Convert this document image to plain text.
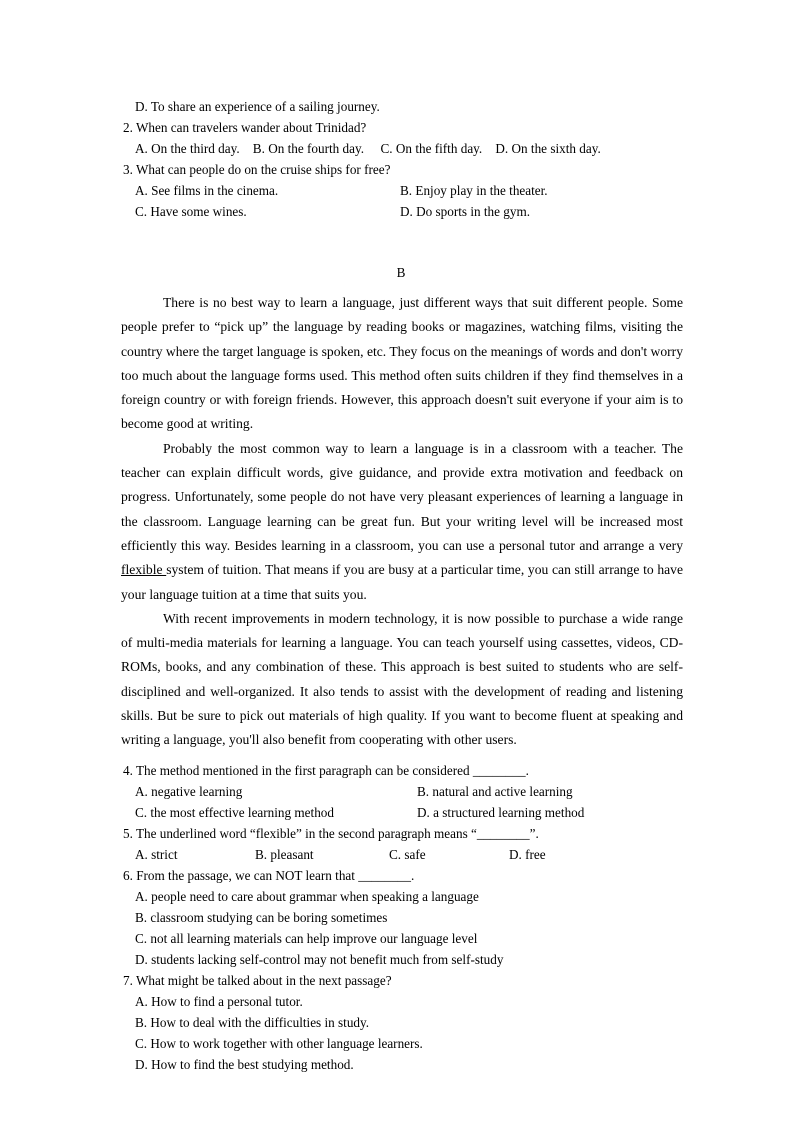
D. To share an experience of a sailing journey.
2. When can travelers wander about Trinidad?
A. On the third day.    B. On the fourth day.     C. On the fifth day.    D. On the sixth day.
3. What can people do on the cruise ships for free?
A. See films in the cinema.	B. Enjoy play in the theater.
C. Have some wines.	D. Do sports in the gym.
B

There is no best way to learn a language, just different ways that suit different people. Some people prefer to “pick up” the language by reading books or magazines, watching films, visiting the country where the target language is spoken, etc. They focus on the meanings of words and don't worry too much about the language forms used. This method often suits children if they find themselves in a foreign country or with foreign friends. However, this approach doesn't suit everyone if your aim is to become good at writing.

Probably the most common way to learn a language is in a classroom with a teacher. The teacher can explain difficult words, give guidance, and provide extra motivation and feedback on progress. Unfortunately, some people do not have very pleasant experiences of learning a language in the classroom. Language learning can be great fun. But your writing level will be increased most efficiently this way. Besides learning in a classroom, you can use a personal tutor and arrange a very flexible system of tuition. That means if you are busy at a particular time, you can still arrange to have your language tuition at a time that suits you.

With recent improvements in modern technology, it is now possible to purchase a wide range of multi-media materials for learning a language. You can teach yourself using cassettes, videos, CD- ROMs, books, and any combination of these. This approach is best suited to students who are self-disciplined and well-organized. It also tends to assist with the development of reading and listening skills. But be sure to pick out materials of high quality. If you want to become fluent at speaking and writing a language, you'll also benefit from cooperating with other users.

4. The method mentioned in the first paragraph can be considered ________.
A. negative learning	B. natural and active learning
C. the most effective learning method	D. a structured learning method
5. The underlined word “flexible” in the second paragraph means “________”.
A. strict	B. pleasant	C. safe	D. free
6. From the passage, we can NOT learn that ________.
A. people need to care about grammar when speaking a language
B. classroom studying can be boring sometimes
C. not all learning materials can help improve our language level
D. students lacking self-control may not benefit much from self-study
7. What might be talked about in the next passage?
A. How to find a personal tutor.
B. How to deal with the difficulties in study.
C. How to work together with other language learners.
D. How to find the best studying method.
